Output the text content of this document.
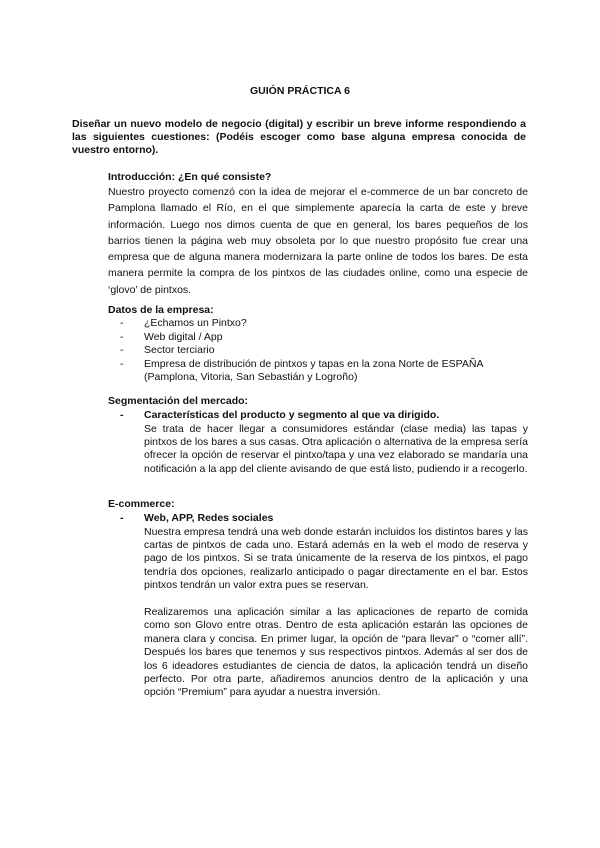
GUIÓN PRÁCTICA 6
Diseñar un nuevo modelo de negocio (digital) y escribir un breve informe respondiendo a las siguientes cuestiones: (Podéis escoger como base alguna empresa conocida de vuestro entorno).
Introducción: ¿En qué consiste?
Nuestro proyecto comenzó con la idea de mejorar el e-commerce de un bar concreto de Pamplona llamado el Río, en el que simplemente aparecía la carta de este y breve información. Luego nos dimos cuenta de que en general, los bares pequeños de los barrios tienen la página web muy obsoleta por lo que nuestro propósito fue crear una empresa que de alguna manera modernizara la parte online de todos los bares. De esta manera permite la compra de los pintxos de las ciudades online, como una especie de ‘glovo’ de pintxos.
Datos de la empresa:
- ¿Echamos un Pintxo?
- Web digital / App
- Sector terciario
- Empresa de distribución de pintxos y tapas en la zona Norte de ESPAÑA (Pamplona, Vitoria, San Sebastián y Logroño)
Segmentación del mercado:
- Características del producto y segmento al que va dirigido.
Se trata de hacer llegar a consumidores estándar (clase media) las tapas y pintxos de los bares a sus casas. Otra aplicación o alternativa de la empresa sería ofrecer la opción de reservar el pintxo/tapa y una vez elaborado se mandaría una notificación a la app del cliente avisando de que está listo, pudiendo ir a recogerlo.
E-commerce:
- Web, APP, Redes sociales
Nuestra empresa tendrá una web donde estarán incluidos los distintos bares y las cartas de pintxos de cada uno. Estará además en la web el modo de reserva y pago de los pintxos. Si se trata únicamente de la reserva de los pintxos, el pago tendría dos opciones, realizarlo anticipado o pagar directamente en el bar. Estos pintxos tendrán un valor extra pues se reservan.
Realizaremos una aplicación similar a las aplicaciones de reparto de comida como son Glovo entre otras. Dentro de esta aplicación estarán las opciones de manera clara y concisa. En primer lugar, la opción de “para llevar” o “comer allí”. Después los bares que tenemos y sus respectivos pintxos. Además al ser dos de los 6 ideadores estudiantes de ciencia de datos, la aplicación tendrá un diseño perfecto. Por otra parte, añadiremos anuncios dentro de la aplicación y una opción “Premium” para ayudar a nuestra inversión.
